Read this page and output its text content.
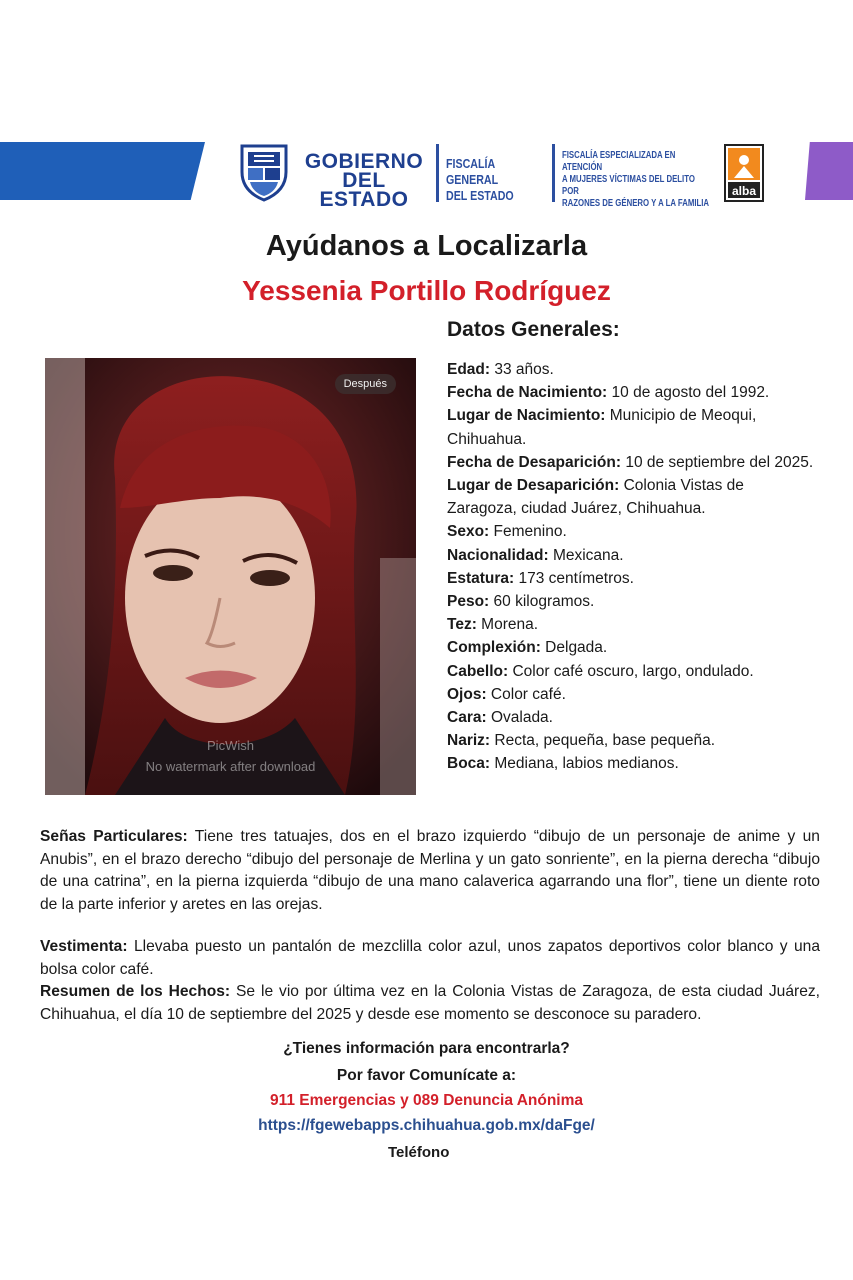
GOBIERNO
DEL ESTADO
FISCALÍA GENERAL
DEL ESTADO
FISCALÍA ESPECIALIZADA EN ATENCIÓN
A MUJERES VÍCTIMAS DEL DELITO POR
RAZONES DE GÉNERO Y A LA FAMILIA
alba
Ayúdanos a Localizarla
Yessenia Portillo Rodríguez
Datos Generales:
Después
PicWish
No watermark after download
Edad: 33 años.
Fecha de Nacimiento: 10 de agosto del 1992.
Lugar de Nacimiento: Municipio de Meoqui, Chihuahua.
Fecha de Desaparición: 10 de septiembre del 2025.
Lugar de Desaparición: Colonia Vistas de Zaragoza, ciudad Juárez, Chihuahua.
Sexo: Femenino.
Nacionalidad: Mexicana.
Estatura: 173 centímetros.
Peso: 60 kilogramos.
Tez: Morena.
Complexión: Delgada.
Cabello: Color café oscuro, largo, ondulado.
Ojos: Color café.
Cara: Ovalada.
Nariz: Recta, pequeña, base pequeña.
Boca: Mediana, labios medianos.

Señas Particulares: Tiene tres tatuajes, dos en el brazo izquierdo “dibujo de un personaje de anime y un Anubis”, en el brazo derecho “dibujo del personaje de Merlina y un gato sonriente”, en la pierna derecha “dibujo de una catrina”, en la pierna izquierda “dibujo de una mano calaverica agarrando una flor”, tiene un diente roto de la parte inferior y aretes en las orejas.

Vestimenta: Llevaba puesto un pantalón de mezclilla color azul, unos zapatos deportivos color blanco y una bolsa color café.

Resumen de los Hechos: Se le vio por última vez en la Colonia Vistas de Zaragoza, de esta ciudad Juárez, Chihuahua, el día 10 de septiembre del 2025 y desde ese momento se desconoce su paradero.

¿Tienes información para encontrarla?
Por favor Comunícate a:
911 Emergencias y 089 Denuncia Anónima
https://fgewebapps.chihuahua.gob.mx/daFge/
Teléfono
